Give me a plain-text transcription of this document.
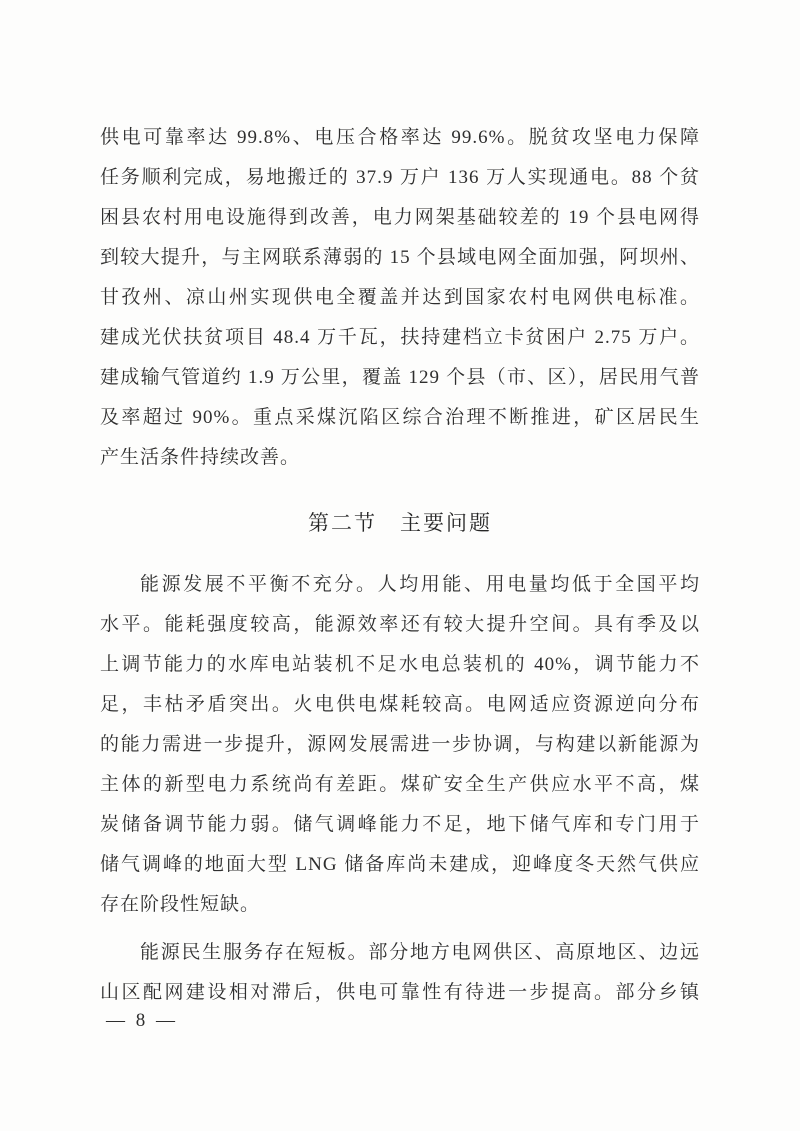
供电可靠率达 99.8%、电压合格率达 99.6%。脱贫攻坚电力保障
任务顺利完成，易地搬迁的 37.9 万户 136 万人实现通电。88 个贫
困县农村用电设施得到改善，电力网架基础较差的 19 个县电网得
到较大提升，与主网联系薄弱的 15 个县域电网全面加强，阿坝州、
甘孜州、凉山州实现供电全覆盖并达到国家农村电网供电标准。
建成光伏扶贫项目 48.4 万千瓦，扶持建档立卡贫困户 2.75 万户。
建成输气管道约 1.9 万公里，覆盖 129 个县（市、区），居民用气普
及率超过 90%。重点采煤沉陷区综合治理不断推进，矿区居民生
产生活条件持续改善。

第二节　主要问题

能源发展不平衡不充分。人均用能、用电量均低于全国平均
水平。能耗强度较高，能源效率还有较大提升空间。具有季及以
上调节能力的水库电站装机不足水电总装机的 40%，调节能力不
足，丰枯矛盾突出。火电供电煤耗较高。电网适应资源逆向分布
的能力需进一步提升，源网发展需进一步协调，与构建以新能源为
主体的新型电力系统尚有差距。煤矿安全生产供应水平不高，煤
炭储备调节能力弱。储气调峰能力不足，地下储气库和专门用于
储气调峰的地面大型 LNG 储备库尚未建成，迎峰度冬天然气供应
存在阶段性短缺。

能源民生服务存在短板。部分地方电网供区、高原地区、边远
山区配网建设相对滞后，供电可靠性有待进一步提高。部分乡镇

— 8 —
